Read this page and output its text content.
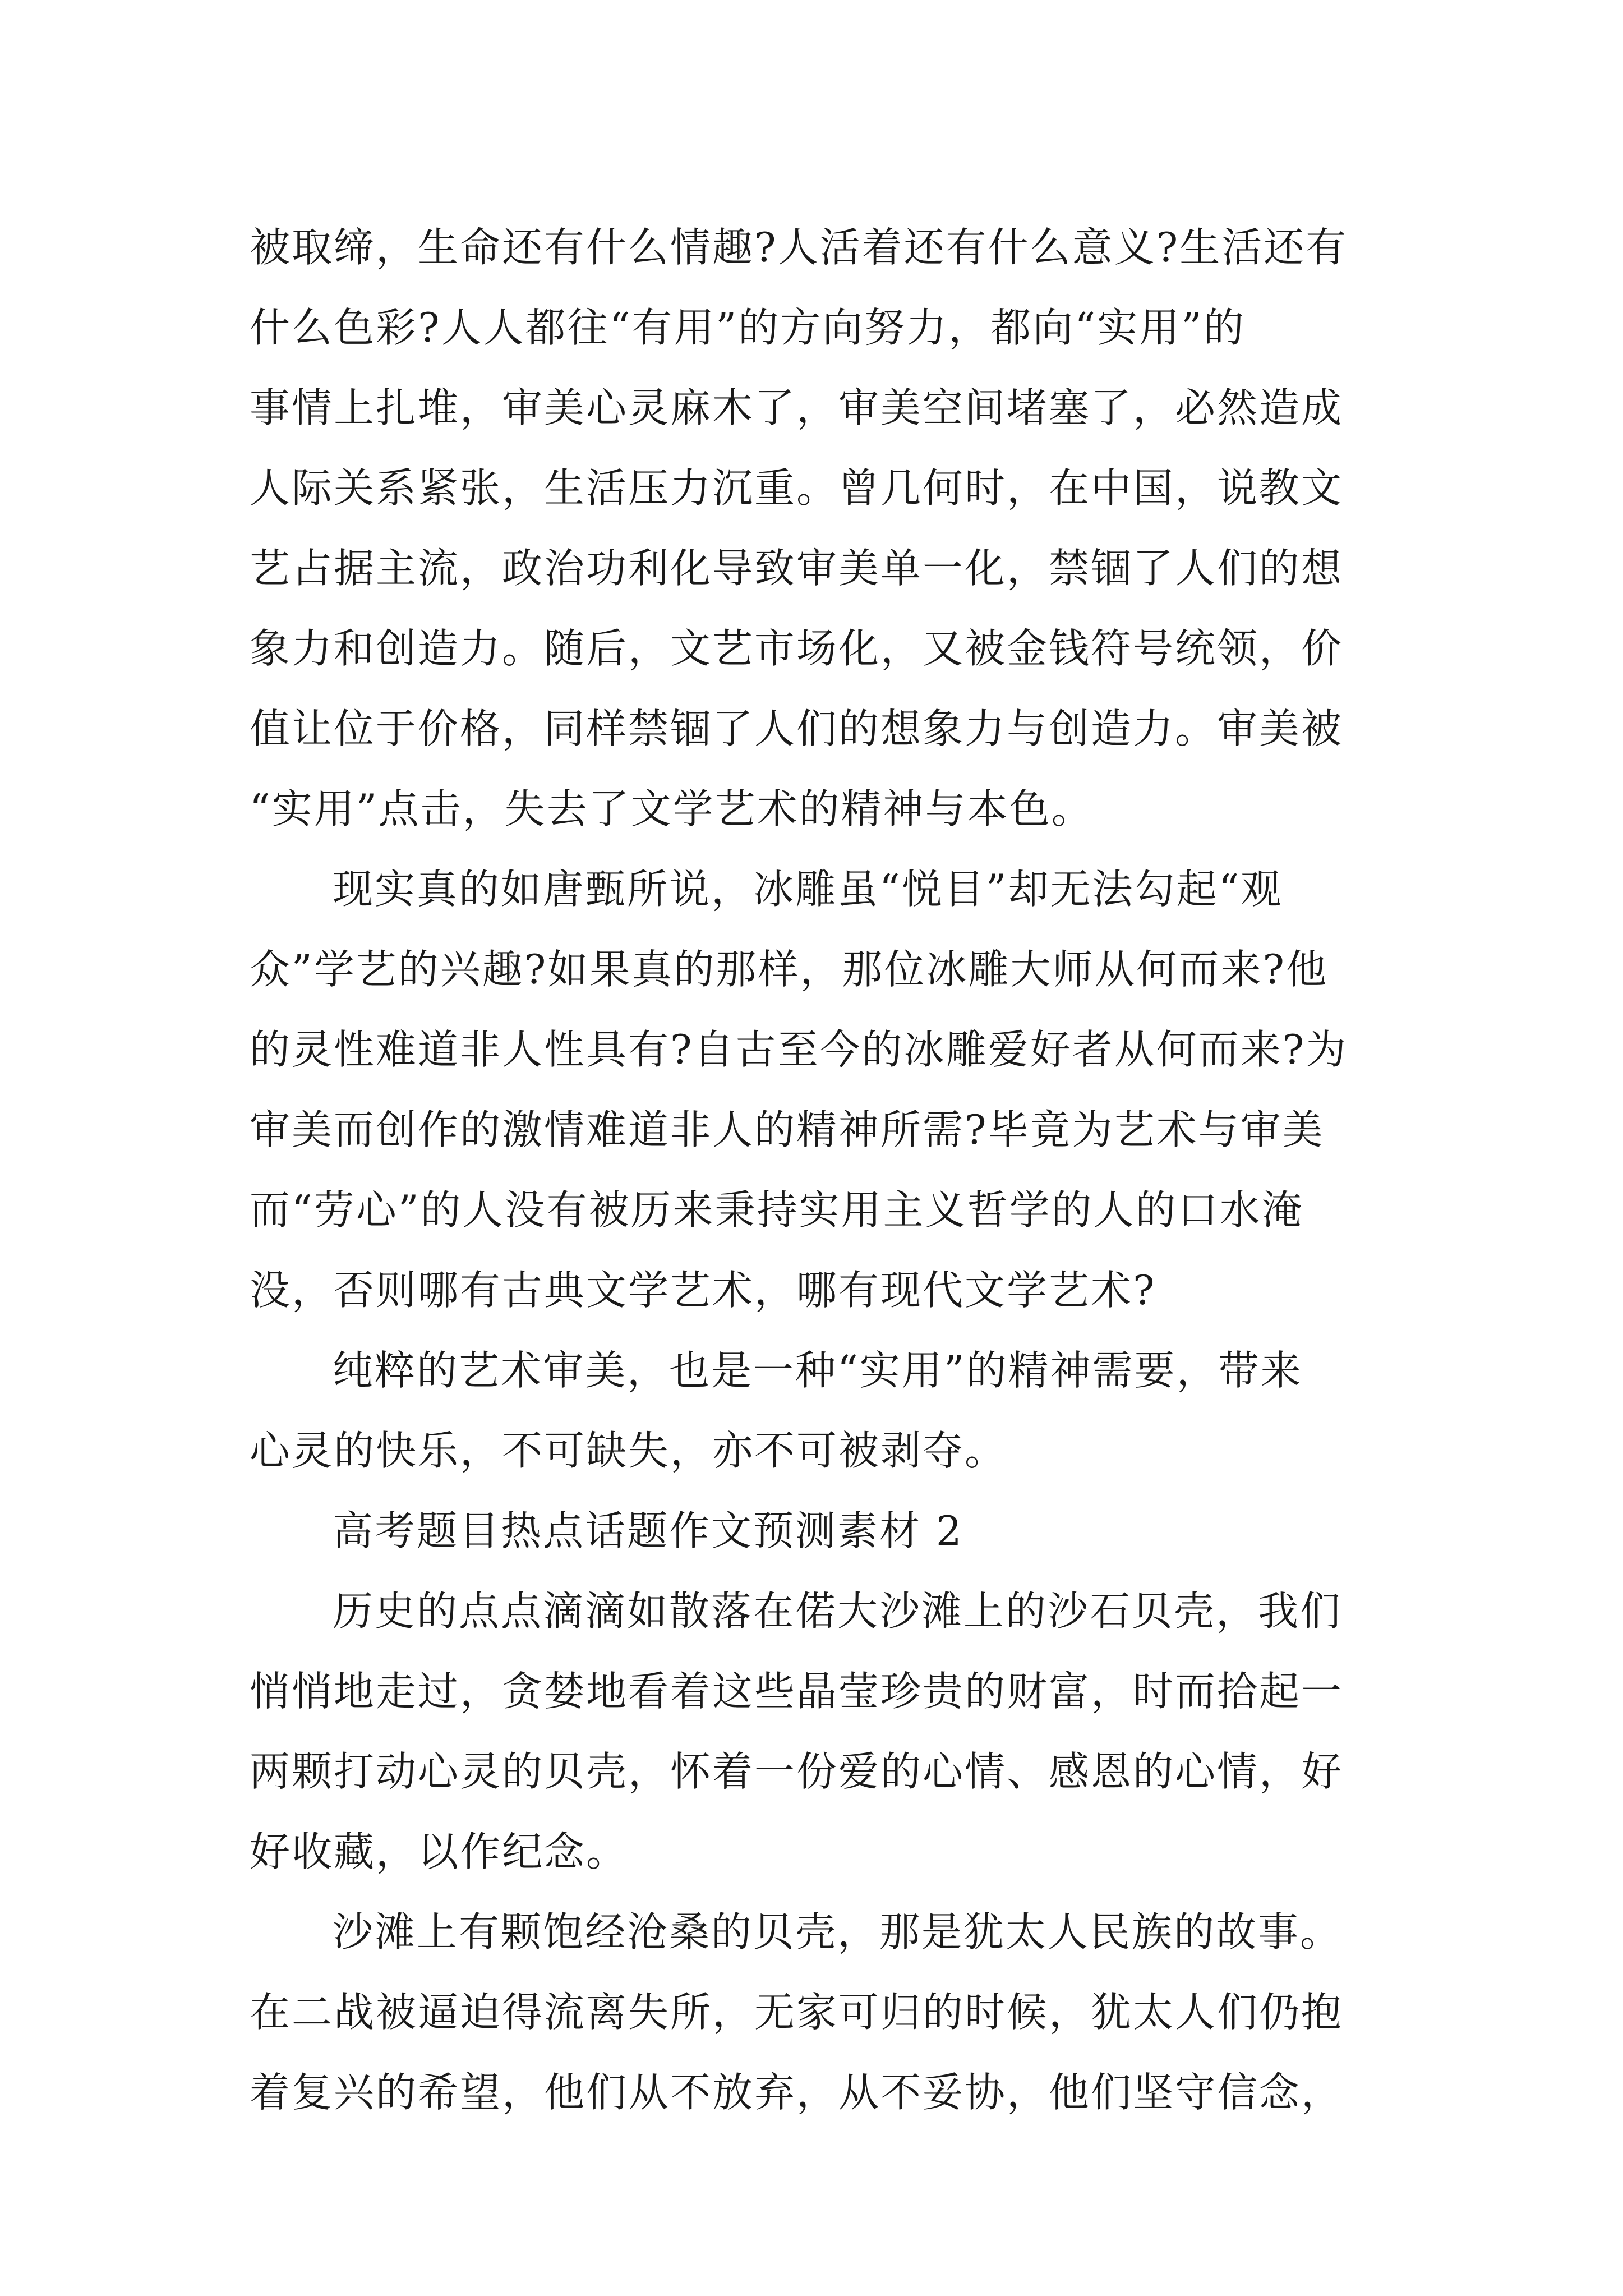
被取缔，生命还有什么情趣?人活着还有什么意义?生活还有
什么色彩?人人都往“有用”的方向努力，都向“实用”的
事情上扎堆，审美心灵麻木了，审美空间堵塞了，必然造成
人际关系紧张，生活压力沉重。曾几何时，在中国，说教文
艺占据主流，政治功利化导致审美单一化，禁锢了人们的想
象力和创造力。随后，文艺市场化，又被金钱符号统领，价
值让位于价格，同样禁锢了人们的想象力与创造力。审美被
“实用”点击，失去了文学艺术的精神与本色。
现实真的如唐甄所说，冰雕虽“悦目”却无法勾起“观
众”学艺的兴趣?如果真的那样，那位冰雕大师从何而来?他
的灵性难道非人性具有?自古至今的冰雕爱好者从何而来?为
审美而创作的激情难道非人的精神所需?毕竟为艺术与审美
而“劳心”的人没有被历来秉持实用主义哲学的人的口水淹
没，否则哪有古典文学艺术，哪有现代文学艺术?
纯粹的艺术审美，也是一种“实用”的精神需要，带来
心灵的快乐，不可缺失，亦不可被剥夺。
高考题目热点话题作文预测素材 2
历史的点点滴滴如散落在偌大沙滩上的沙石贝壳，我们
悄悄地走过，贪婪地看着这些晶莹珍贵的财富，时而拾起一
两颗打动心灵的贝壳，怀着一份爱的心情、感恩的心情，好
好收藏，以作纪念。
沙滩上有颗饱经沧桑的贝壳，那是犹太人民族的故事。
在二战被逼迫得流离失所，无家可归的时候，犹太人们仍抱
着复兴的希望，他们从不放弃，从不妥协，他们坚守信念，
